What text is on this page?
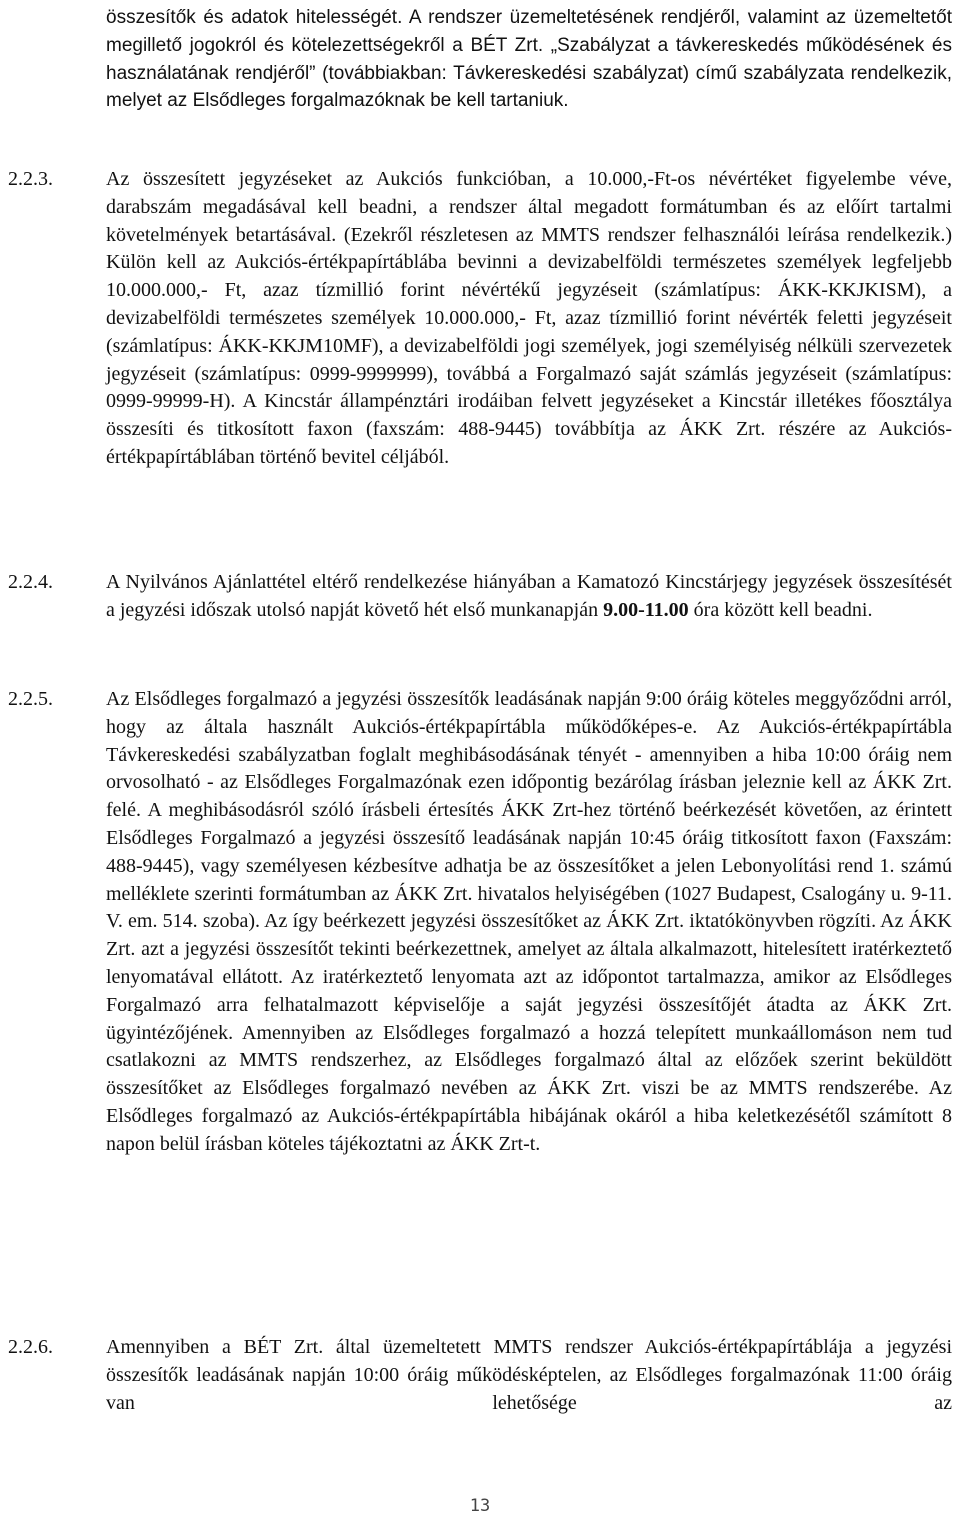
összesítők és adatok hitelességét. A rendszer üzemeltetésének rendjéről, valamint az üzemeltetőt megillető jogokról és kötelezettségekről a BÉT Zrt. „Szabályzat a távkereskedés működésének és használatának rendjéről” (továbbiakban: Távkereskedési szabályzat) című szabályzata rendelkezik, melyet az Elsődleges forgalmazóknak be kell tartaniuk.

2.2.3.	Az összesített jegyzéseket az Aukciós funkcióban, a 10.000,-Ft-os névértéket figyelembe véve, darabszám megadásával kell beadni, a rendszer által megadott formátumban és az előírt tartalmi követelmények betartásával. (Ezekről részletesen az MMTS rendszer felhasználói leírása rendelkezik.) Külön kell az Aukciós-értékpapírtáblába bevinni a devizabelföldi természetes személyek legfeljebb 10.000.000,- Ft, azaz tízmillió forint névértékű jegyzéseit (számlatípus: ÁKK-KKJKISM), a devizabelföldi természetes személyek 10.000.000,- Ft, azaz tízmillió forint névérték feletti jegyzéseit (számlatípus: ÁKK-KKJM10MF), a devizabelföldi jogi személyek, jogi személyiség nélküli szervezetek jegyzéseit (számlatípus: 0999-9999999), továbbá a Forgalmazó saját számlás jegyzéseit (számlatípus: 0999-99999-H). A Kincstár állampénztári irodáiban felvett jegyzéseket a Kincstár illetékes főosztálya összesíti és titkosított faxon (faxszám: 488-9445) továbbítja az ÁKK Zrt. részére az Aukciós-értékpapírtáblában történő bevitel céljából.

2.2.4.	A Nyilvános Ajánlattétel eltérő rendelkezése hiányában a Kamatozó Kincstárjegy jegyzések összesítését a jegyzési időszak utolsó napját követő hét első munkanapján 9.00-11.00 óra között kell beadni.

2.2.5.	Az Elsődleges forgalmazó a jegyzési összesítők leadásának napján 9:00 óráig köteles meggyőződni arról, hogy az általa használt Aukciós-értékpapírtábla működőképes-e. Az Aukciós-értékpapírtábla Távkereskedési szabályzatban foglalt meghibásodásának tényét - amennyiben a hiba 10:00 óráig nem orvosolható - az Elsődleges Forgalmazónak ezen időpontig bezárólag írásban jeleznie kell az ÁKK Zrt. felé. A meghibásodásról szóló írásbeli értesítés ÁKK Zrt-hez történő beérkezését követően, az érintett Elsődleges Forgalmazó a jegyzési összesítő leadásának napján 10:45 óráig titkosított faxon (Faxszám: 488-9445), vagy személyesen kézbesítve adhatja be az összesítőket a jelen Lebonyolítási rend 1. számú melléklete szerinti formátumban az ÁKK Zrt. hivatalos helyiségében (1027 Budapest, Csalogány u. 9-11. V. em. 514. szoba). Az így beérkezett jegyzési összesítőket az ÁKK Zrt. iktatókönyvben rögzíti. Az ÁKK Zrt. azt a jegyzési összesítőt tekinti beérkezettnek, amelyet az általa alkalmazott, hitelesített iratérkeztető lenyomatával ellátott. Az iratérkeztető lenyomata azt az időpontot tartalmazza, amikor az Elsődleges Forgalmazó arra felhatalmazott képviselője a saját jegyzési összesítőjét átadta az ÁKK Zrt. ügyintézőjének. Amennyiben az Elsődleges forgalmazó a hozzá telepített munkaállomáson nem tud csatlakozni az MMTS rendszerhez, az Elsődleges forgalmazó által az előzőek szerint beküldött összesítőket az Elsődleges forgalmazó nevében az ÁKK Zrt. viszi be az MMTS rendszerébe. Az Elsődleges forgalmazó az Aukciós-értékpapírtábla hibájának okáról a hiba keletkezésétől számított 8 napon belül írásban köteles tájékoztatni az ÁKK Zrt-t.

2.2.6.	Amennyiben a BÉT Zrt. által üzemeltetett MMTS rendszer Aukciós-értékpapírtáblája a jegyzési összesítők leadásának napján 10:00 óráig működésképtelen, az Elsődleges forgalmazónak 11:00 óráig van lehetősége az

13
